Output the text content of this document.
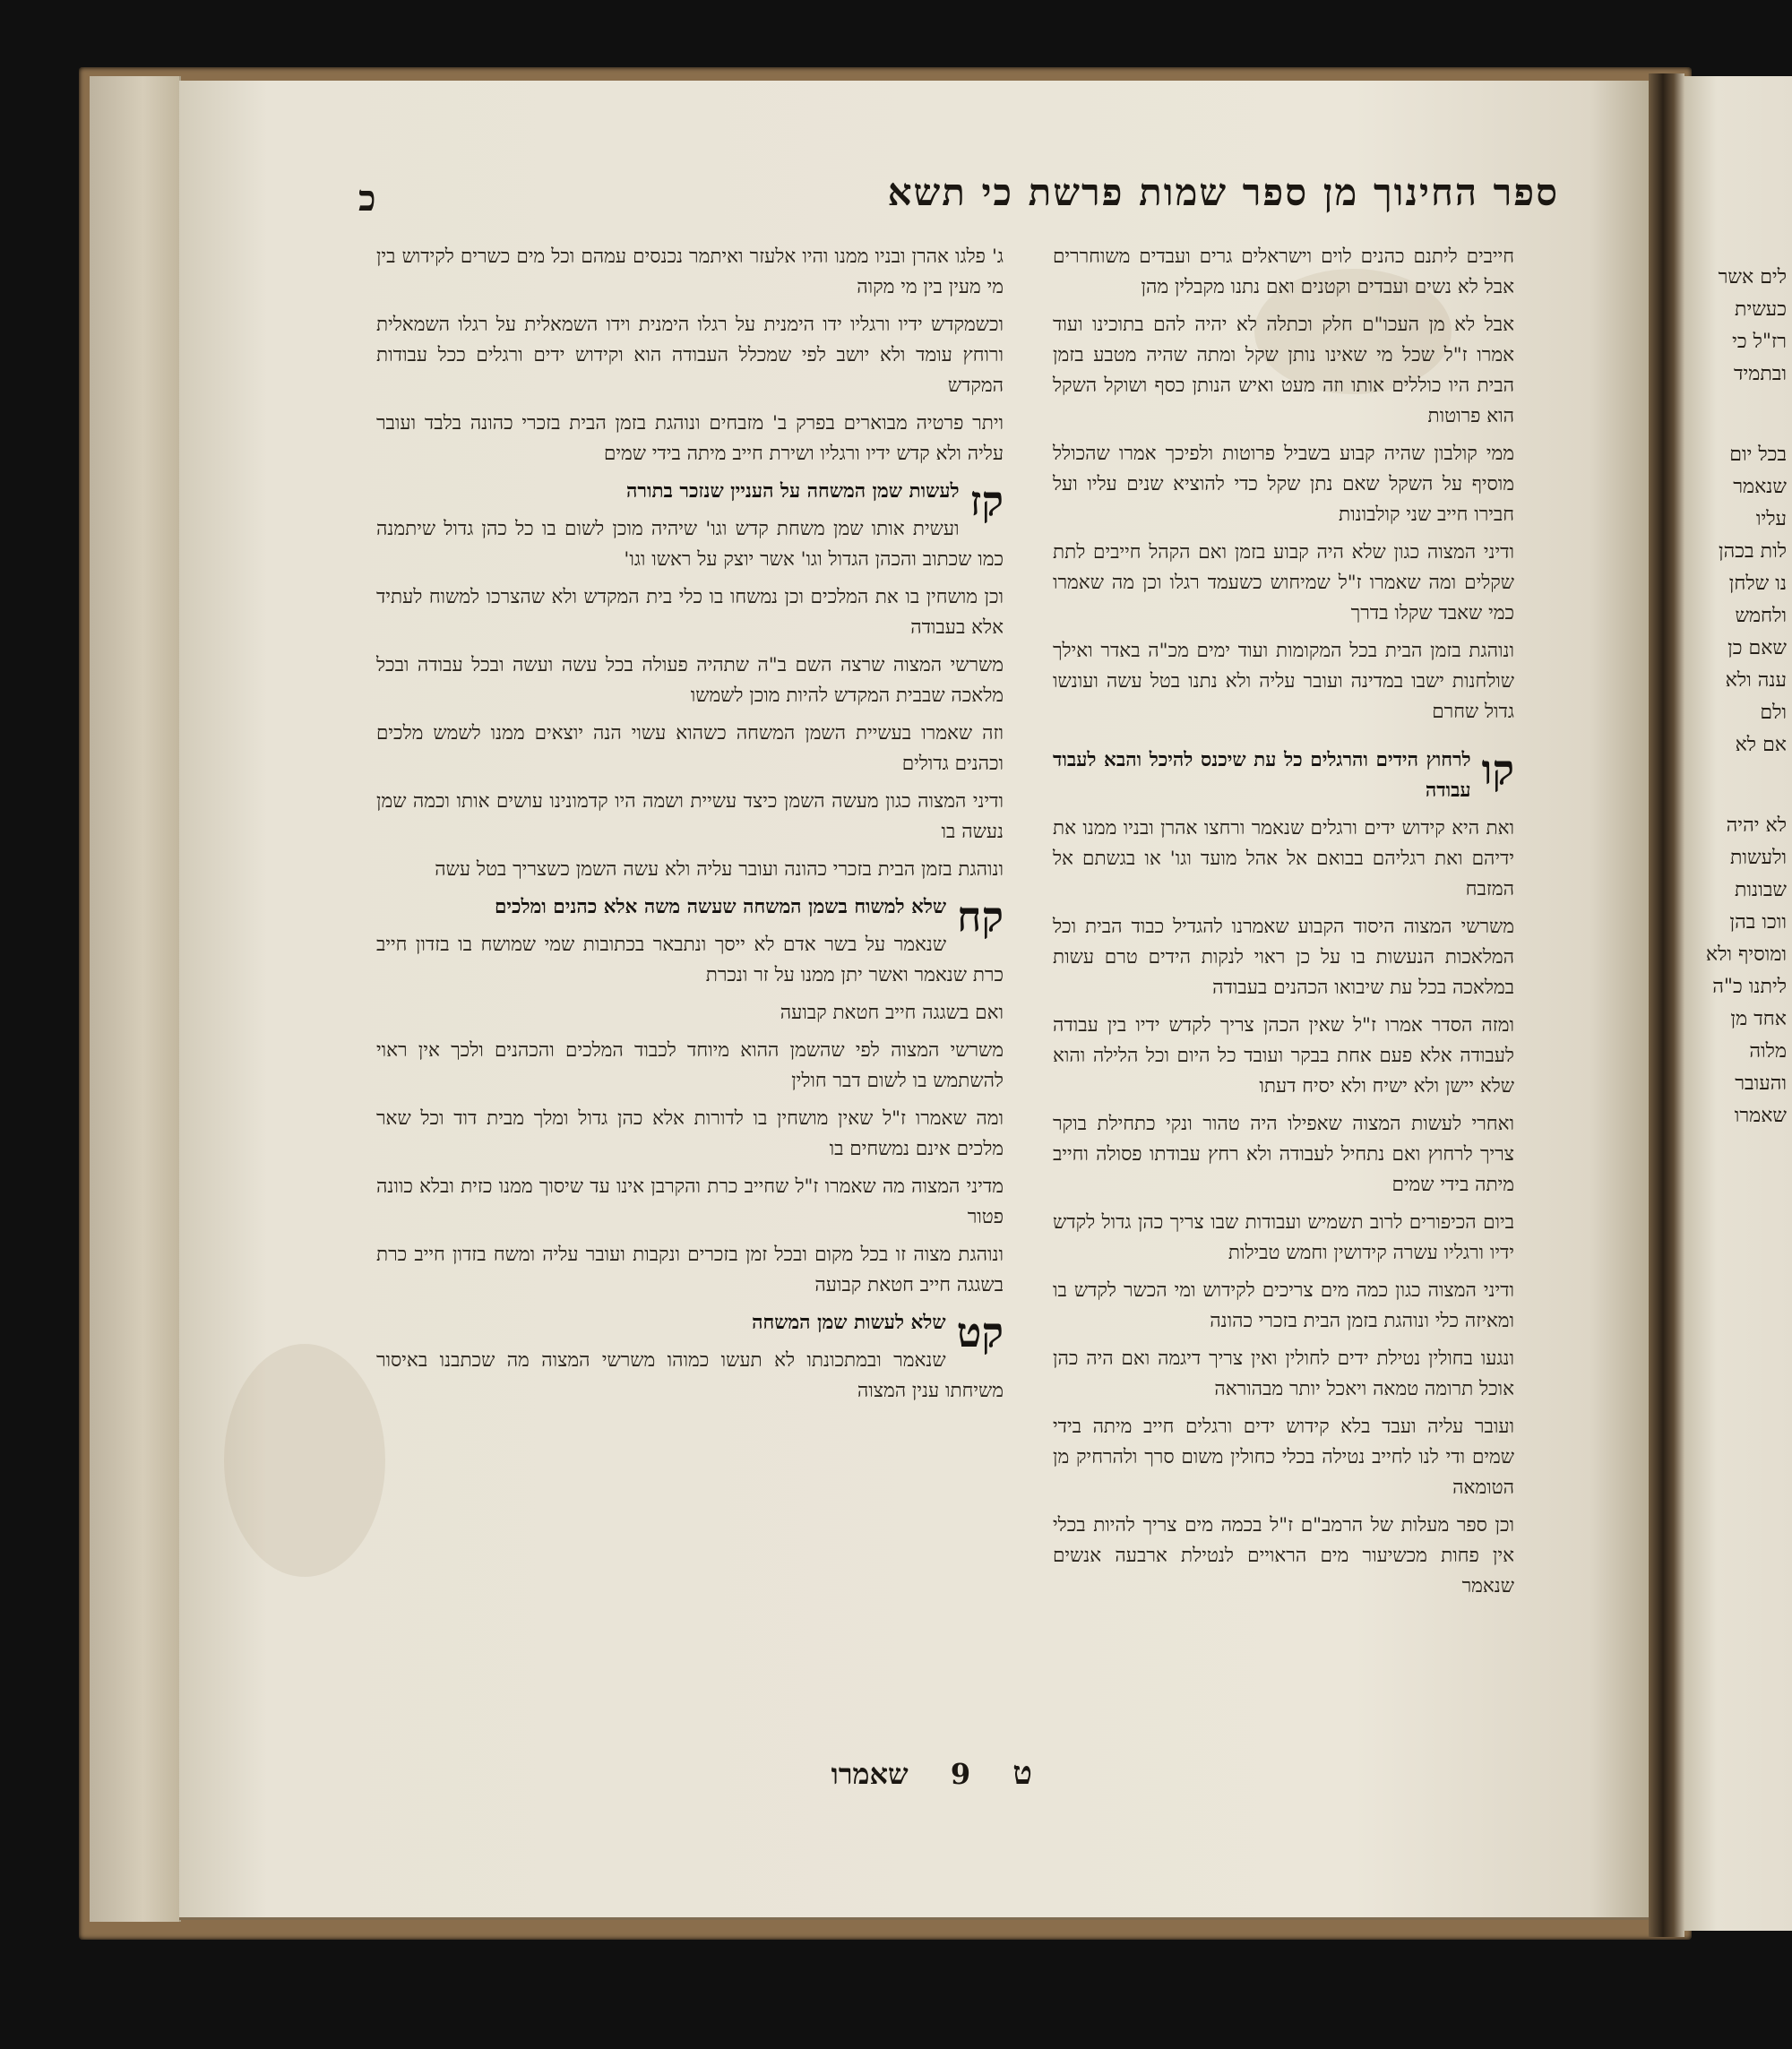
ספר החינוך מן ספר שמות פרשת כי תשא
כ

חייבים ליתנם כהנים לוים וישראלים גרים ועבדים משוחררים אבל לא נשים ועבדים וקטנים ואם נתנו מקבלין מהן

אבל לא מן העכו"ם חלק וכתלה לא יהיה להם בתוכינו ועוד אמרו ז"ל שכל מי שאינו נותן שקל ומתה שהיה מטבע בזמן הבית היו כוללים אותו וזה מעט ואיש הנותן כסף ושוקל השקל הוא פרוטות

ממי קולבון שהיה קבוע בשביל פרוטות ולפיכך אמרו שהכולל מוסיף על השקל שאם נתן שקל כדי להוציא שנים עליו ועל חבירו חייב שני קולבונות

ודיני המצוה כגון שלא היה קבוע בזמן ואם הקהל חייבים לתת שקלים ומה שאמרו ז"ל שמיחוש כשעמד רגלו וכן מה שאמרו כמי שאבד שקלו בדרך

ונוהגת בזמן הבית בכל המקומות ועוד ימים מכ"ה באדר ואילך שולחנות ישבו במדינה ועובר עליה ולא נתנו בטל עשה ועונשו גדול שחרם

קו

לרחוץ הידים והרגלים כל עת שיכנס להיכל והבא לעבוד עבודה

ואת היא קידוש ידים ורגלים שנאמר ורחצו אהרן ובניו ממנו את ידיהם ואת רגליהם בבואם אל אהל מועד וגו' או בגשתם אל המזבח

משרשי המצוה היסוד הקבוע שאמרנו להגדיל כבוד הבית וכל המלאכות הנעשות בו על כן ראוי לנקות הידים טרם עשות במלאכה בכל עת שיבואו הכהנים בעבודה

ומזה הסדר אמרו ז"ל שאין הכהן צריך לקדש ידיו בין עבודה לעבודה אלא פעם אחת בבקר ועובד כל היום וכל הלילה והוא שלא יישן ולא ישיח ולא יסיח דעתו

ואחרי לעשות המצוה שאפילו היה טהור ונקי כתחילת בוקר צריך לרחוץ ואם נתחיל לעבודה ולא רחץ עבודתו פסולה וחייב מיתה בידי שמים

ביום הכיפורים לרוב תשמיש ועבודות שבו צריך כהן גדול לקדש ידיו ורגליו עשרה קידושין וחמש טבילות

ודיני המצוה כגון כמה מים צריכים לקידוש ומי הכשר לקדש בו ומאיזה כלי ונוהגת בזמן הבית בזכרי כהונה

ונגעו בחולין נטילת ידים לחולין ואין צריך דיגמה ואם היה כהן אוכל תרומה טמאה ויאכל יותר מבהוראה

ועובר עליה ועבד בלא קידוש ידים ורגלים חייב מיתה בידי שמים ודי לנו לחייב נטילה בכלי כחולין משום סרך ולהרחיק מן הטומאה

וכן ספר מעלות של הרמב"ם ז"ל בכמה מים צריך להיות בכלי אין פחות מכשיעור מים הראויים לנטילת ארבעה אנשים שנאמר

ג' פלגו אהרן ובניו ממנו והיו אלעזר ואיתמר נכנסים עמהם וכל מים כשרים לקידוש בין מי מעין בין מי מקוה

וכשמקדש ידיו ורגליו ידו הימנית על רגלו הימנית וידו השמאלית על רגלו השמאלית ורוחץ עומד ולא יושב לפי שמכלל העבודה הוא וקידוש ידים ורגלים ככל עבודות המקדש

ויתר פרטיה מבוארים בפרק ב' מזבחים ונוהגת בזמן הבית בזכרי כהונה בלבד ועובר עליה ולא קדש ידיו ורגליו ושירת חייב מיתה בידי שמים

קז

לעשות שמן המשחה על העניין שנזכר בתורה

ועשית אותו שמן משחת קדש וגו' שיהיה מוכן לשום בו כל כהן גדול שיתמנה כמו שכתוב והכהן הגדול וגו' אשר יוצק על ראשו וגו'

וכן מושחין בו את המלכים וכן נמשחו בו כלי בית המקדש ולא שהצרכו למשוח לעתיד אלא בעבודה

משרשי המצוה שרצה השם ב"ה שתהיה פעולה בכל עשה ועשה ובכל עבודה ובכל מלאכה שבבית המקדש להיות מוכן לשמשו

וזה שאמרו בעשיית השמן המשחה כשהוא עשוי הנה יוצאים ממנו לשמש מלכים וכהנים גדולים

ודיני המצוה כגון מעשה השמן כיצד עשיית ושמה היו קדמונינו עושים אותו וכמה שמן נעשה בו

ונוהגת בזמן הבית בזכרי כהונה ועובר עליה ולא עשה השמן כשצריך בטל עשה

קח

שלא למשוח בשמן המשחה שעשה משה אלא כהנים ומלכים

שנאמר על בשר אדם לא ייסך ונתבאר בכתובות שמי שמושח בו בזדון חייב כרת שנאמר ואשר יתן ממנו על זר ונכרת

ואם בשגגה חייב חטאת קבועה

משרשי המצוה לפי שהשמן ההוא מיוחד לכבוד המלכים והכהנים ולכך אין ראוי להשתמש בו לשום דבר חולין

ומה שאמרו ז"ל שאין מושחין בו לדורות אלא כהן גדול ומלך מבית דוד וכל שאר מלכים אינם נמשחים בו

מדיני המצוה מה שאמרו ז"ל שחייב כרת והקרבן אינו עד שיסוך ממנו כזית ובלא כוונה פטור

ונוהגת מצוה זו בכל מקום ובכל זמן בזכרים ונקבות ועובר עליה ומשח בזדון חייב כרת בשגגה חייב חטאת קבועה

קט

שלא לעשות שמן המשחה

שנאמר ובמתכונתו לא תעשו כמוהו משרשי המצוה מה שכתבנו באיסור משיחתו ענין המצוה

ט 9 שאמרו
לים אשר
כעשית
רז"ל כי
ובתמיד
בכל יום
שנאמר
עליו
לות בכהן
נו שלחן
ולחמש
שאם כן
ענה ולא
ולם
אם לא
לא יהיה
ולעשות
שבונות
ווכו בהן
ומוסיף ולא
ליתנו כ"ה
אחד מן
מלוה
והעובר
שאמרו
